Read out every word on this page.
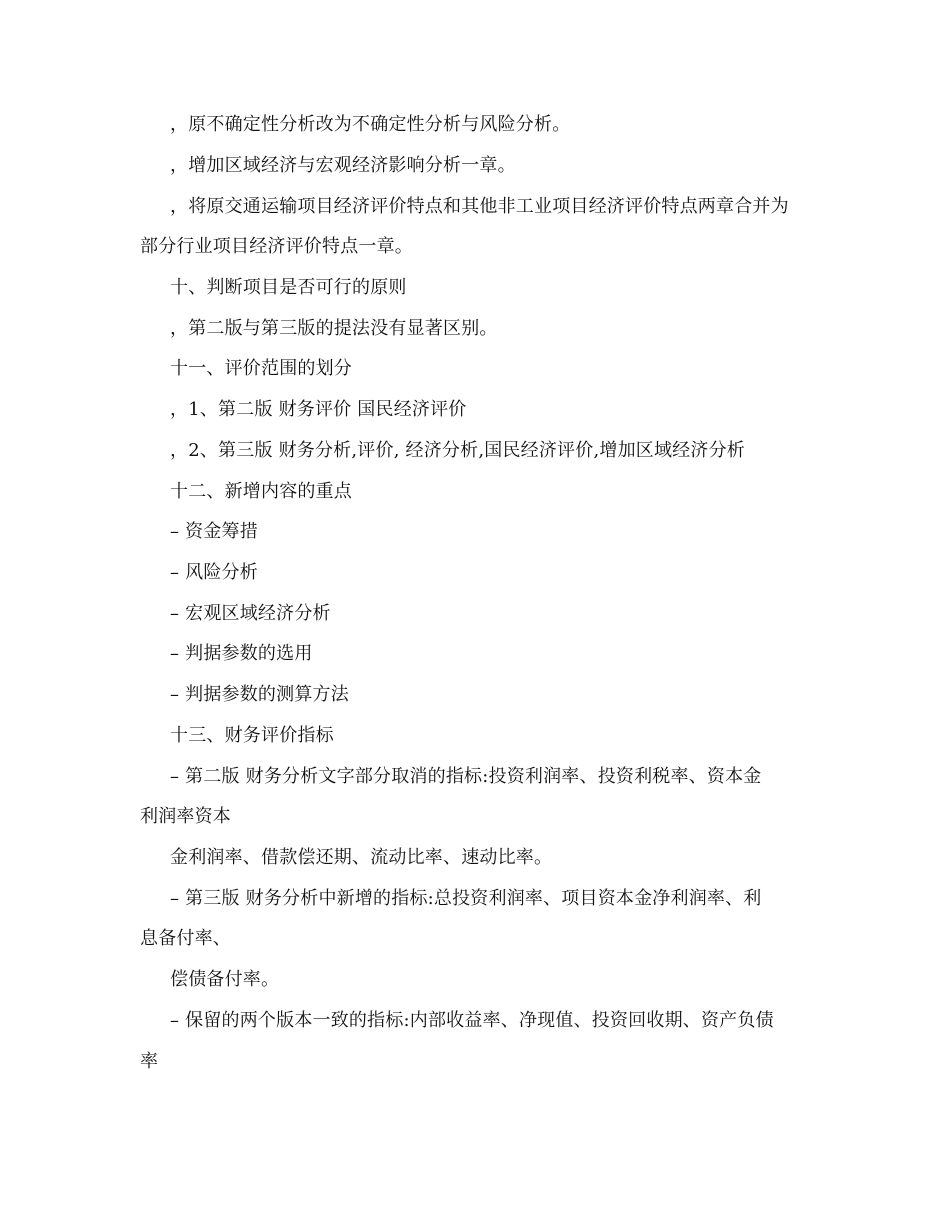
，原不确定性分析改为不确定性分析与风险分析。
，增加区域经济与宏观经济影响分析一章。
，将原交通运输项目经济评价特点和其他非工业项目经济评价特点两章合并为
部分行业项目经济评价特点一章。
十、判断项目是否可行的原则
，第二版与第三版的提法没有显著区别。
十一、评价范围的划分
，1、第二版 财务评价 国民经济评价
，2、第三版 财务分析,评价, 经济分析,国民经济评价,增加区域经济分析
十二、新增内容的重点
– 资金筹措
– 风险分析
– 宏观区域经济分析
– 判据参数的选用
– 判据参数的测算方法
十三、财务评价指标
– 第二版 财务分析文字部分取消的指标:投资利润率、投资利税率、资本金
利润率资本
金利润率、借款偿还期、流动比率、速动比率。
– 第三版 财务分析中新增的指标:总投资利润率、项目资本金净利润率、利
息备付率、
偿债备付率。
– 保留的两个版本一致的指标:内部收益率、净现值、投资回收期、资产负债
率
